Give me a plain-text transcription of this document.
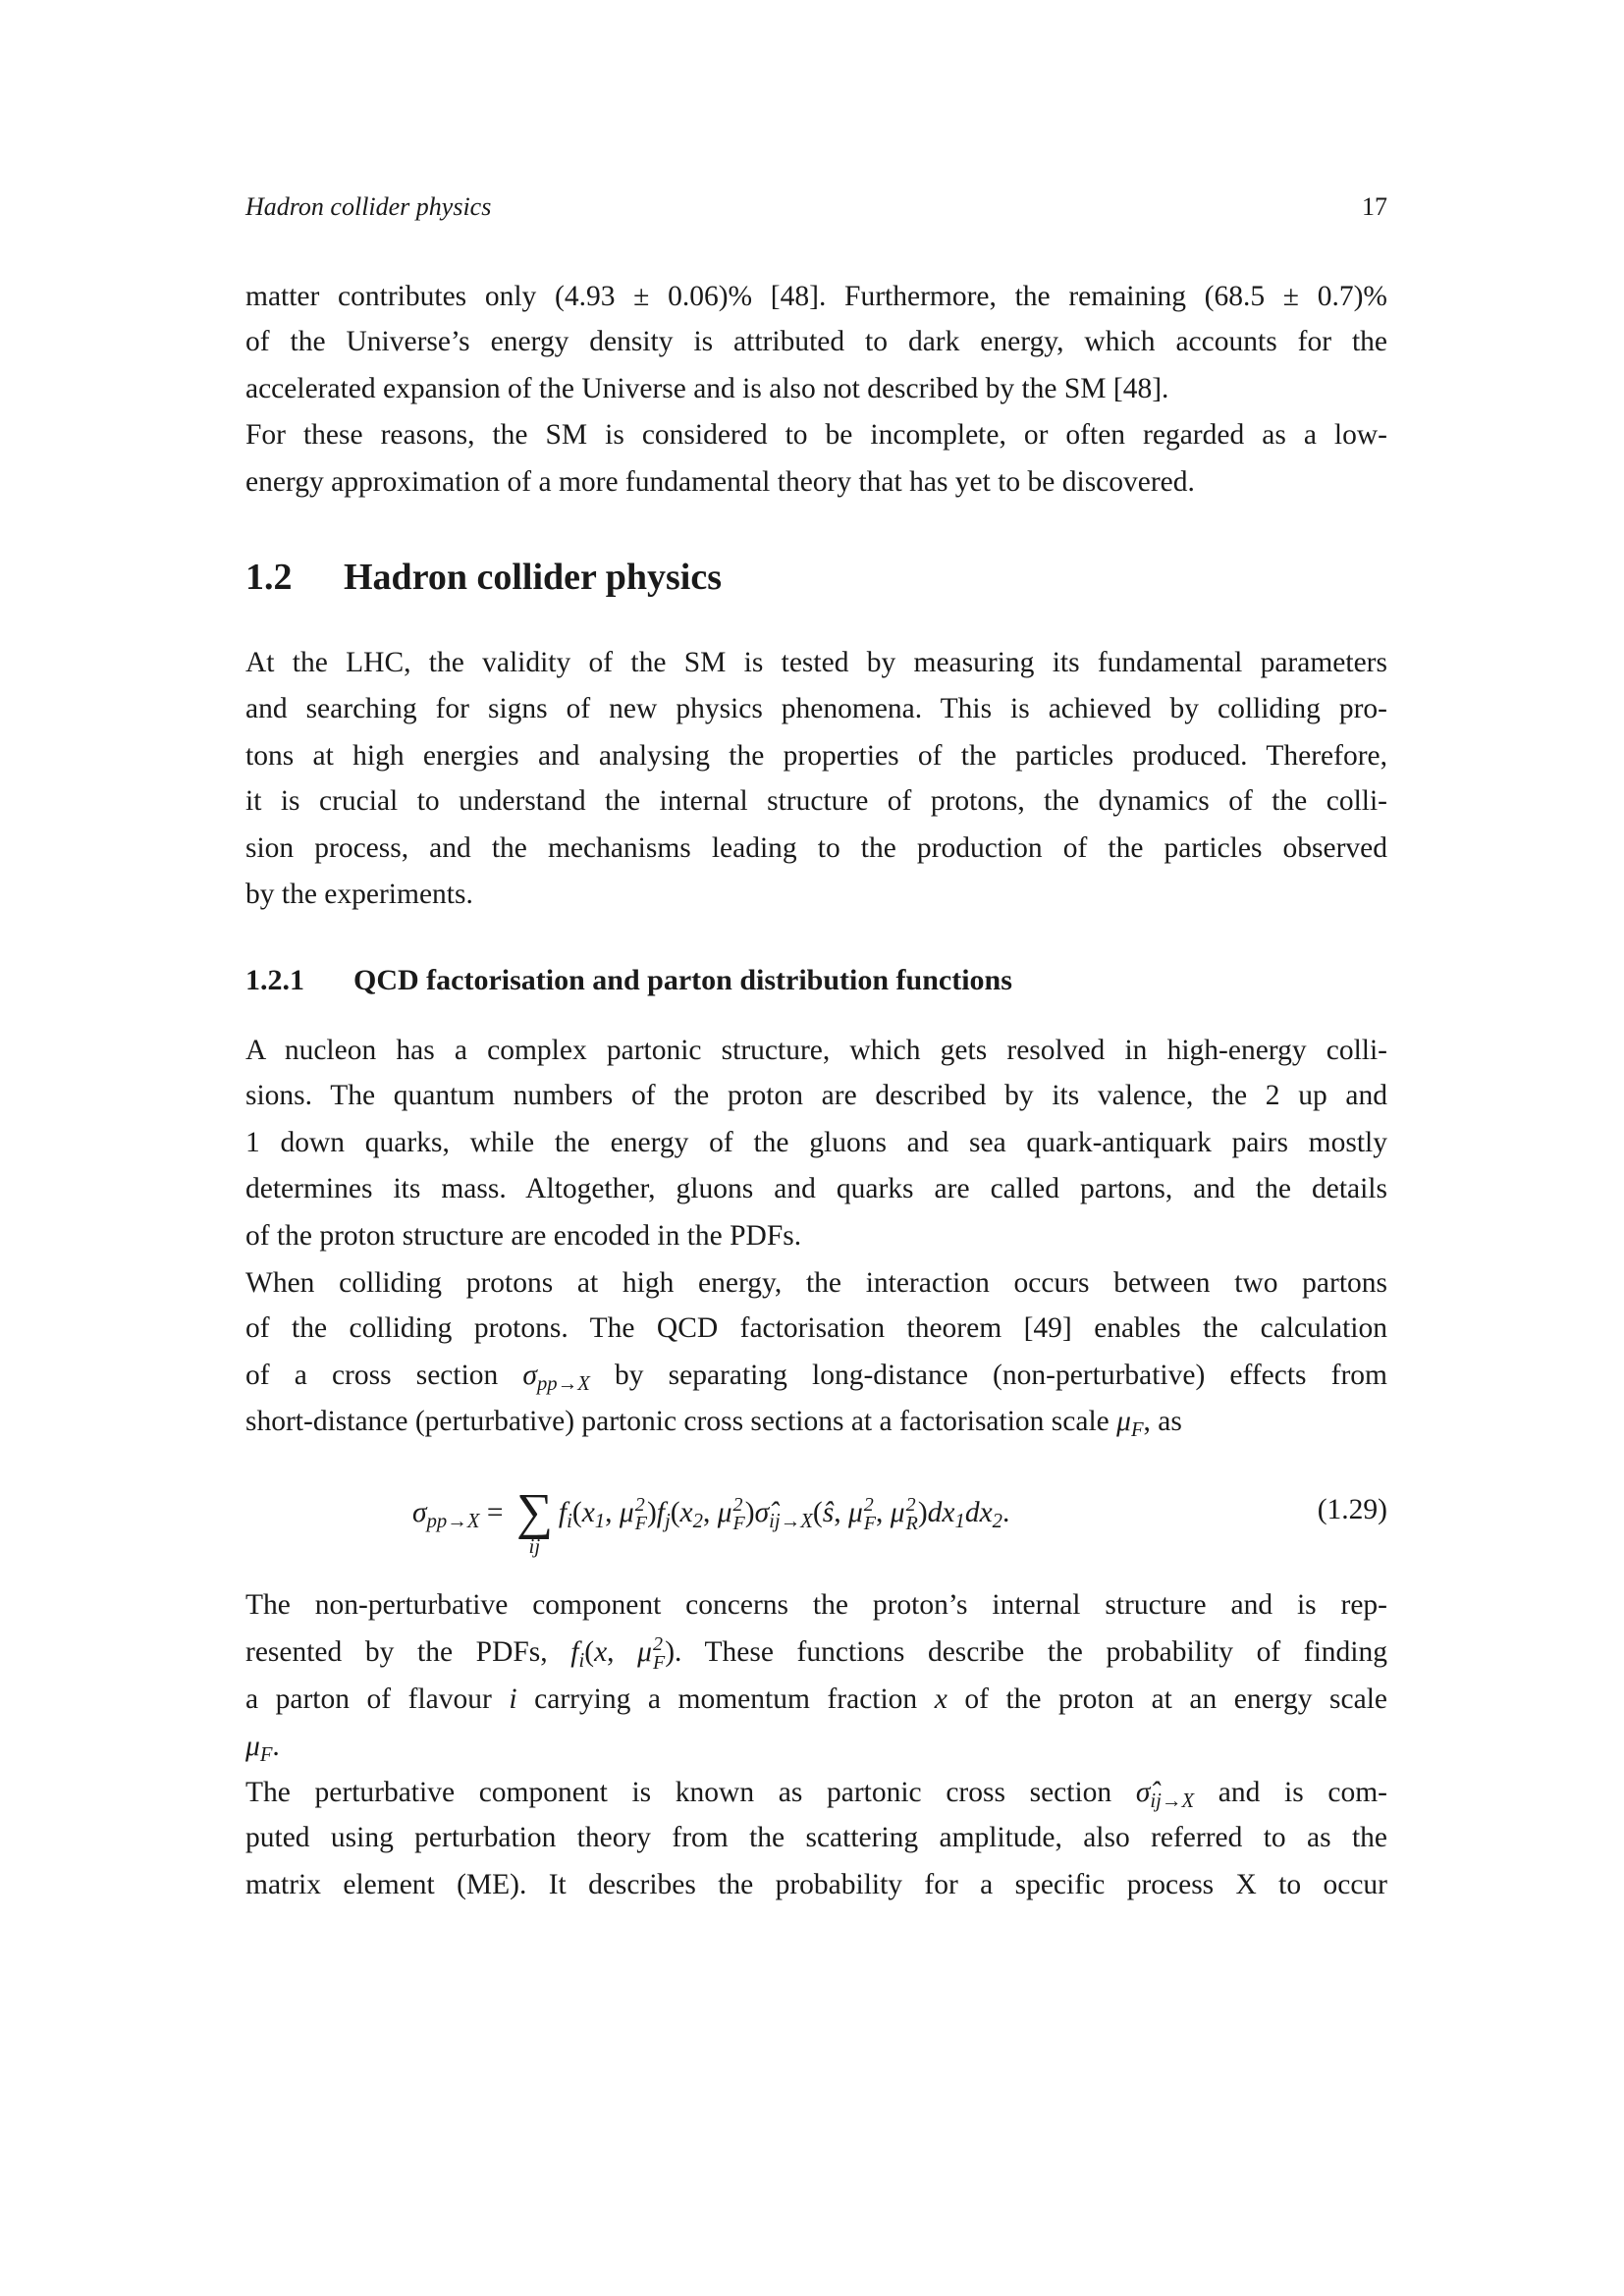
Hadron collider physics	17
1.2 Hadron collider physics
1.2.1 QCD factorisation and parton distribution functions
matter contributes only (4.93 ± 0.06)% [48]. Furthermore, the remaining (68.5 ± 0.7)%
of the Universe’s energy density is attributed to dark energy, which accounts for the
accelerated expansion of the Universe and is also not described by the SM [48].
For these reasons, the SM is considered to be incomplete, or often regarded as a low-
energy approximation of a more fundamental theory that has yet to be discovered.
At the LHC, the validity of the SM is tested by measuring its fundamental parameters
and searching for signs of new physics phenomena. This is achieved by colliding pro-
tons at high energies and analysing the properties of the particles produced. Therefore,
it is crucial to understand the internal structure of protons, the dynamics of the colli-
sion process, and the mechanisms leading to the production of the particles observed
by the experiments.
A nucleon has a complex partonic structure, which gets resolved in high-energy colli-
sions. The quantum numbers of the proton are described by its valence, the 2 up and
1 down quarks, while the energy of the gluons and sea quark-antiquark pairs mostly
determines its mass. Altogether, gluons and quarks are called partons, and the details
of the proton structure are encoded in the PDFs.
When colliding protons at high energy, the interaction occurs between two partons
of the colliding protons. The QCD factorisation theorem [49] enables the calculation
of a cross section $\sigma_{pp\to X}$ by separating long-distance (non-perturbative) effects from
short-distance (perturbative) partonic cross sections at a factorisation scale $\mu_F$, as
The non-perturbative component concerns the proton’s internal structure and is rep-
resented by the PDFs, $f_i(x$, μ 2
F ). These functions describe the probability of finding
a parton of flavour i carrying a momentum fraction x of the proton at an energy scale
$\mu_F$.
The perturbative component is known as partonic cross section $\sigmâ_{ij\to X}$ and is com-
puted using perturbation theory from the scattering amplitude, also referred to as the
matrix element (ME). It describes the probability for a specific process X to occur
$\sigma_{pp\to X}$ = ∑
ij
$f_i(x_1$, μ 2
F )$f_j(x_2$, μ 2
F )$\sigmâ_{ij\to X}(ŝ$, μ 2
F , μ 2
R )$dx_1dx_2$.	(1.29)
